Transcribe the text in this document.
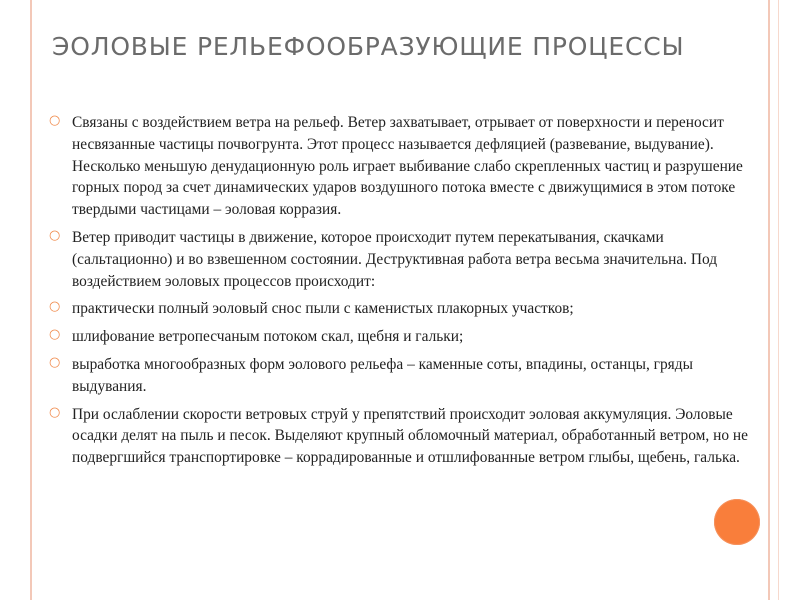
ЭОЛОВЫЕ РЕЛЬЕФООБРАЗУЮЩИЕ ПРОЦЕССЫ
○ Связаны с воздействием ветра на рельеф. Ветер захватывает, отрывает от поверхности и переносит несвязанные частицы почвогрунта. Этот процесс называется дефляцией (развевание, выдувание). Несколько меньшую денудационную роль играет выбивание слабо скрепленных частиц и разрушение горных пород за счет динамических ударов воздушного потока вместе с движущимися в этом потоке твердыми частицами – эоловая корразия.
○ Ветер приводит частицы в движение, которое происходит путем перекатывания, скачками (сальтационно) и во взвешенном состоянии. Деструктивная работа ветра весьма значительна. Под воздействием эоловых процессов происходит:
○ практически полный эоловый снос пыли с каменистых плакорных участков;
○ шлифование ветропесчаным потоком скал, щебня и гальки;
○ выработка многообразных форм эолового рельефа – каменные соты, впадины, останцы, гряды выдувания.
○ При ослаблении скорости ветровых струй у препятствий происходит эоловая аккумуляция. Эоловые осадки делят на пыль и песок. Выделяют крупный обломочный материал, обработанный ветром, но не подвергшийся транспортировке – коррадированные и отшлифованные ветром глыбы, щебень, галька.
